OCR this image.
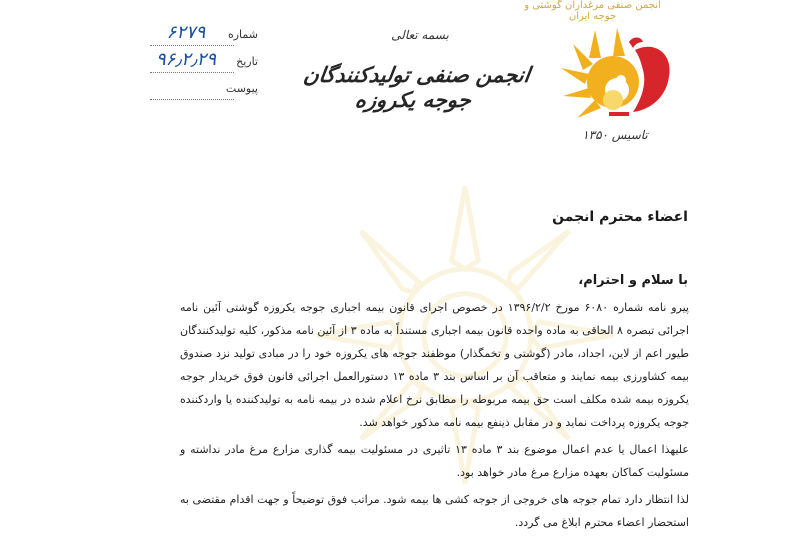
۶۲۷۹	شماره
۹۶٫۲٫۲۹	تاریخ
پیوست
بسمه تعالی
انجمن صنفی تولیدکنندگان جوجه یکروزه
انجمن صنفی مرغداران گوشتی و جوجه ایران
تاسیس ۱۳۵۰
اعضاء محترم انجمن
با سلام و احترام،

پیرو نامه شماره ۶۰۸۰ مورخ ۱۳۹۶/۲/۲ در خصوص اجرای قانون بیمه اجباری جوجه یکروزه گوشتی آئین نامه اجرائی تبصره ۸ الحاقی به ماده واحده قانون بیمه اجباری مستنداً به ماده ۳ از آئین نامه مذکور، کلیه تولیدکنندگان طیور اعم از لاین، اجداد، مادر (گوشتی و تخمگذار) موظفند جوجه های یکروزه خود را در مبادی تولید نزد صندوق بیمه کشاورزی بیمه نمایند و متعاقب آن بر اساس بند ۳ ماده ۱۳ دستورالعمل اجرائی قانون فوق خریدار جوجه یکروزه بیمه شده مکلف است حق بیمه مربوطه را مطابق نرخ اعلام شده در بیمه نامه به تولیدکننده یا واردکننده جوجه یکروزه پرداخت نماید و در مقابل ذینفع بیمه نامه مذکور خواهد شد.

علیهذا اعمال یا عدم اعمال موضوع بند ۳ ماده ۱۳ تاثیری در مسئولیت بیمه گذاری مزارع مرغ مادر نداشته و مسئولیت کماکان بعهده مزارع مرغ مادر خواهد بود.

لذا انتظار دارد تمام جوجه های خروجی از جوجه کشی ها بیمه شود. مراتب فوق توضیحاً و جهت اقدام مقتضی به استحضار اعضاء محترم ابلاغ می گردد.
